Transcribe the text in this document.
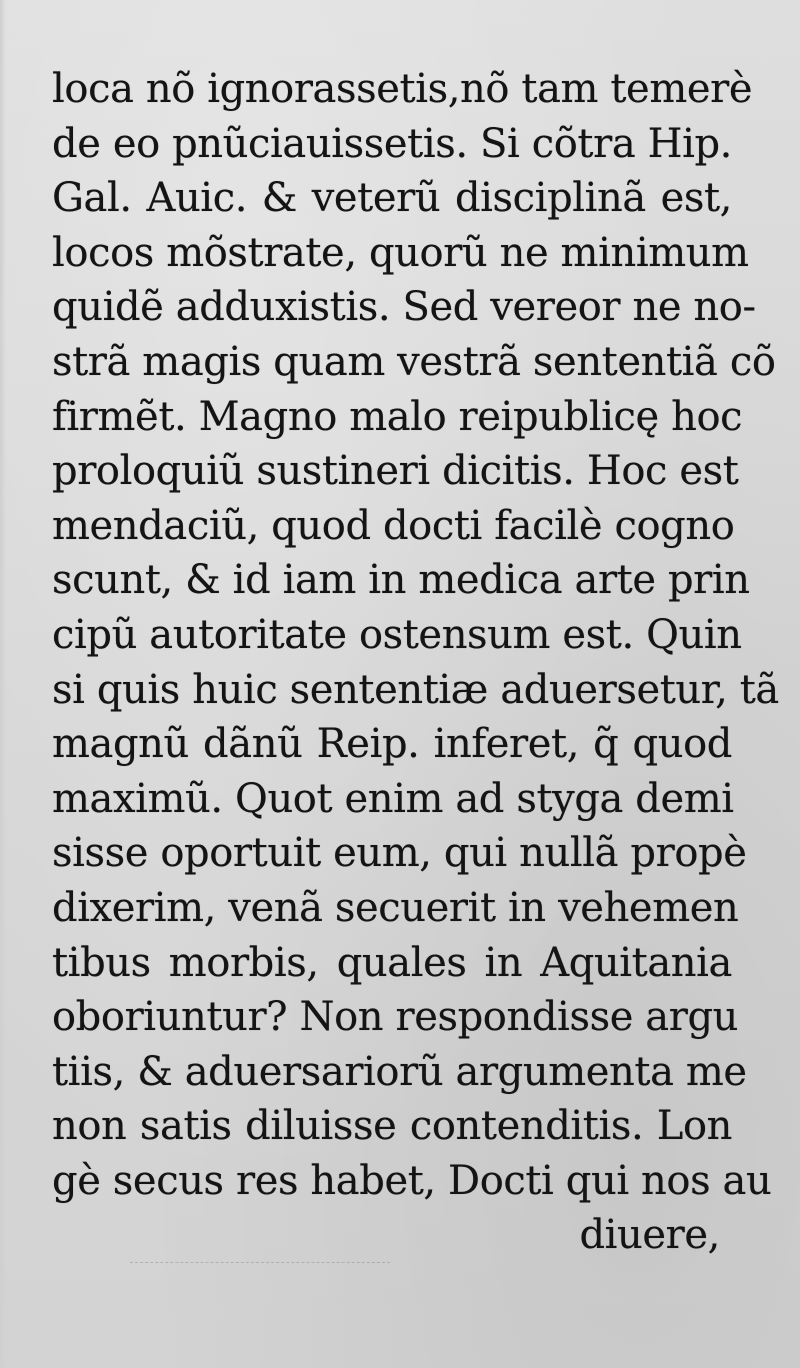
loca nõ ignorassetis,nõ tam temerè
de eo pnũciauissetis. Si cõtra Hip.
Gal. Auic. & veterũ disciplinã est,
locos mõstrate, quorũ ne minimum
quidẽ adduxistis. Sed vereor ne no-
strã magis quam vestrã sententiã cõ
firmẽt. Magno malo reipublicę hoc
proloquiũ sustineri dicitis. Hoc est
mendaciũ, quod docti facilè cogno
scunt, & id iam in medica arte prin
cipũ autoritate ostensum est. Quin
si quis huic sententiæ aduersetur, tã
magnũ dãnũ Reip. inferet, q̃ quod
maximũ. Quot enim ad styga demi
sisse oportuit eum, qui nullã propè
dixerim, venã secuerit in vehemen
tibus morbis, quales in Aquitania
oboriuntur? Non respondisse argu
tiis, & aduersariorũ argumenta me
non satis diluisse contenditis. Lon
gè secus res habet, Docti qui nos au
diuere,
